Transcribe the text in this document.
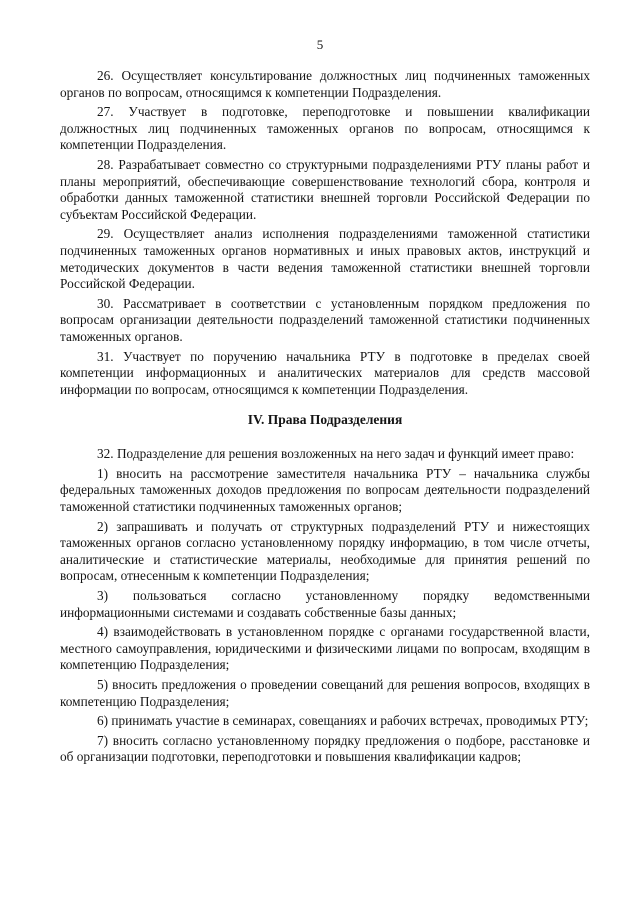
5

26. Осуществляет консультирование должностных лиц подчиненных таможенных органов по вопросам, относящимся к компетенции Подразделения.

27. Участвует в подготовке, переподготовке и повышении квалификации должностных лиц подчиненных таможенных органов по вопросам, относящимся к компетенции Подразделения.

28. Разрабатывает совместно со структурными подразделениями РТУ планы работ и планы мероприятий, обеспечивающие совершенствование технологий сбора, контроля и обработки данных таможенной статистики внешней торговли Российской Федерации по субъектам Российской Федерации.

29. Осуществляет анализ исполнения подразделениями таможенной статистики подчиненных таможенных органов нормативных и иных правовых актов, инструкций и методических документов в части ведения таможенной статистики внешней торговли Российской Федерации.

30. Рассматривает в соответствии с установленным порядком предложения по вопросам организации деятельности подразделений таможенной статистики подчиненных таможенных органов.

31. Участвует по поручению начальника РТУ в подготовке в пределах своей компетенции информационных и аналитических материалов для средств массовой информации по вопросам, относящимся к компетенции Подразделения.

IV. Права Подразделения

32. Подразделение для решения возложенных на него задач и функций имеет право:

1) вносить на рассмотрение заместителя начальника РТУ – начальника службы федеральных таможенных доходов предложения по вопросам деятельности подразделений таможенной статистики подчиненных таможенных органов;

2) запрашивать и получать от структурных подразделений РТУ и нижестоящих таможенных органов согласно установленному порядку информацию, в том числе отчеты, аналитические и статистические материалы, необходимые для принятия решений по вопросам, отнесенным к компетенции Подразделения;

3) пользоваться согласно установленному порядку ведомственными информационными системами и создавать собственные базы данных;

4) взаимодействовать в установленном порядке с органами государственной власти, местного самоуправления, юридическими и физическими лицами по вопросам, входящим в компетенцию Подразделения;

5) вносить предложения о проведении совещаний для решения вопросов, входящих в компетенцию Подразделения;

6) принимать участие в семинарах, совещаниях и рабочих встречах, проводимых РТУ;

7) вносить согласно установленному порядку предложения о подборе, расстановке и об организации подготовки, переподготовки и повышения квалификации кадров;
